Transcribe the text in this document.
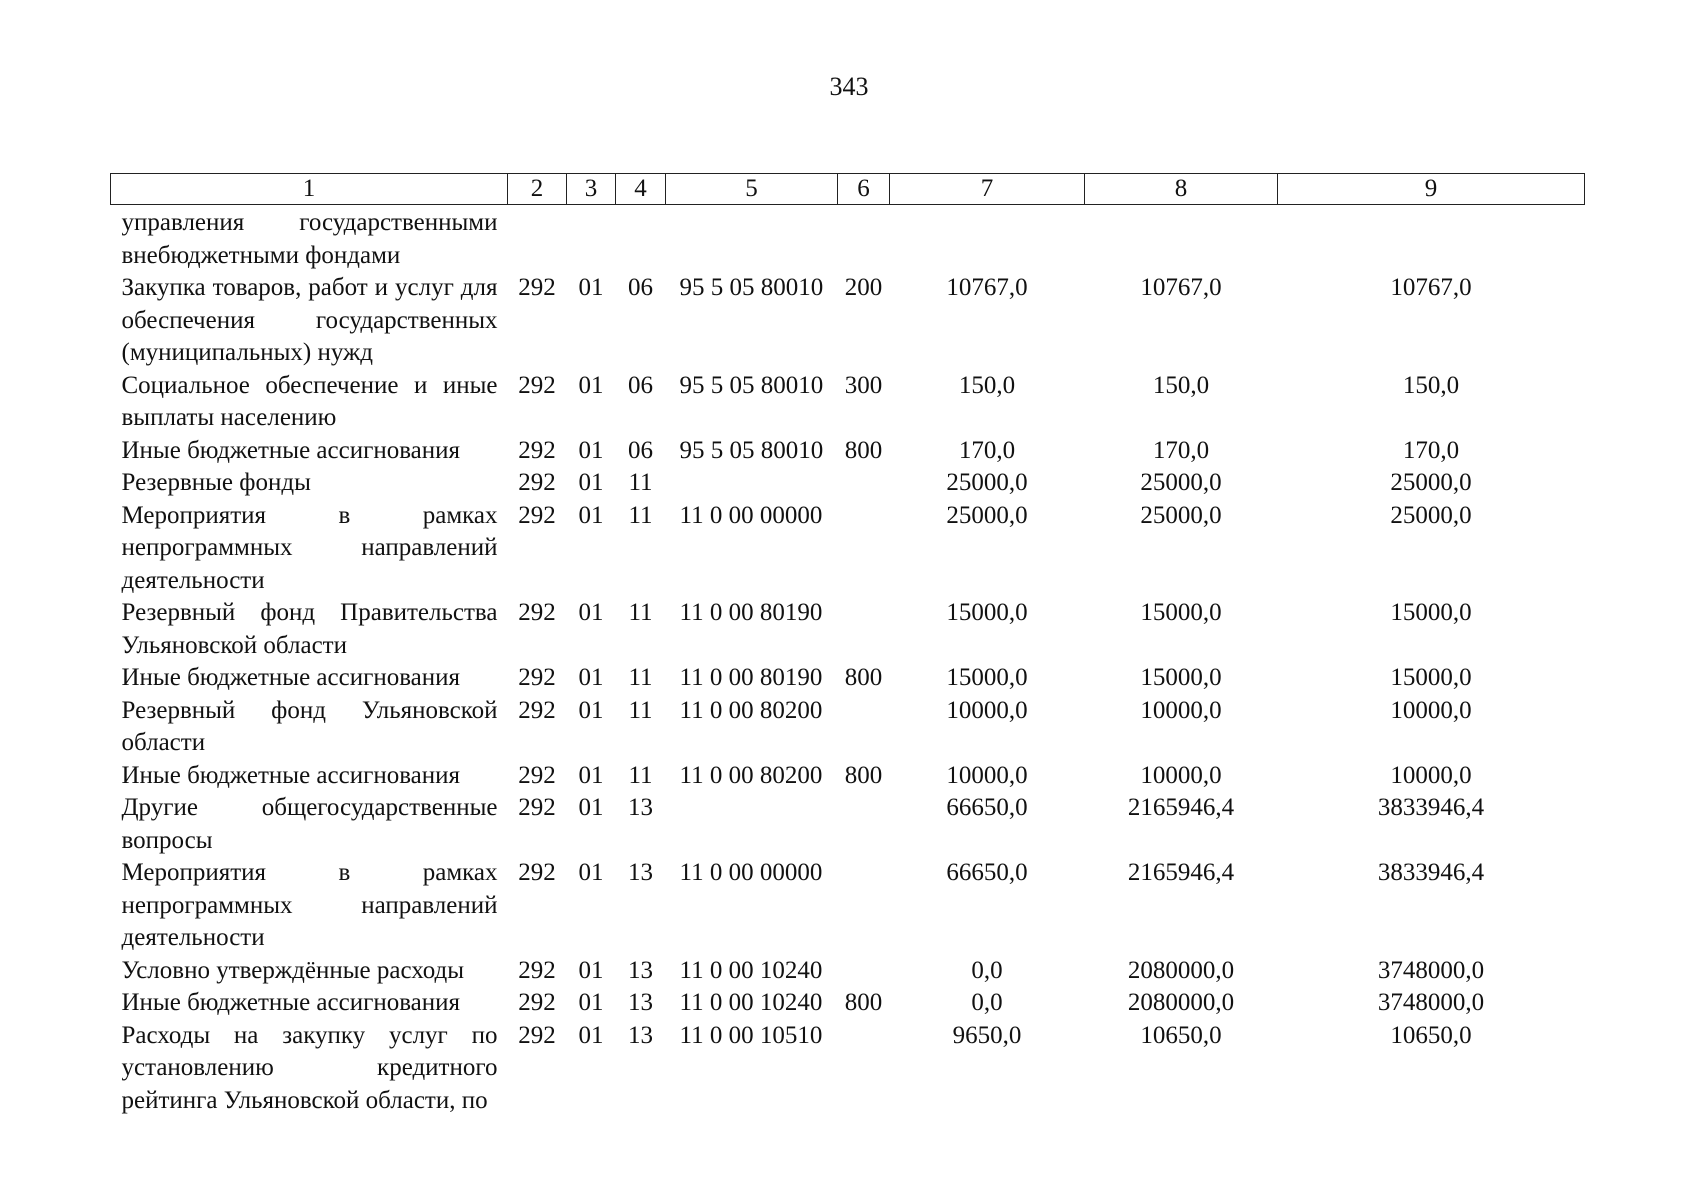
343
1	2	3	4	5	6	7	8	9
управления государственными внебюджетными фондами								
Закупка товаров, работ и услуг для обеспечения государственных (муниципальных) нужд	292	01	06	95 5 05 80010	200	10767,0	10767,0	10767,0
Социальное обеспечение и иные выплаты населению	292	01	06	95 5 05 80010	300	150,0	150,0	150,0
Иные бюджетные ассигнования	292	01	06	95 5 05 80010	800	170,0	170,0	170,0
Резервные фонды	292	01	11			25000,0	25000,0	25000,0
Мероприятия в рамках непрограммных направлений деятельности	292	01	11	11 0 00 00000		25000,0	25000,0	25000,0
Резервный фонд Правительства Ульяновской области	292	01	11	11 0 00 80190		15000,0	15000,0	15000,0
Иные бюджетные ассигнования	292	01	11	11 0 00 80190	800	15000,0	15000,0	15000,0
Резервный фонд Ульяновской области	292	01	11	11 0 00 80200		10000,0	10000,0	10000,0
Иные бюджетные ассигнования	292	01	11	11 0 00 80200	800	10000,0	10000,0	10000,0
Другие общегосударственные вопросы	292	01	13			66650,0	2165946,4	3833946,4
Мероприятия в рамках непрограммных направлений деятельности	292	01	13	11 0 00 00000		66650,0	2165946,4	3833946,4
Условно утверждённые расходы	292	01	13	11 0 00 10240		0,0	2080000,0	3748000,0
Иные бюджетные ассигнования	292	01	13	11 0 00 10240	800	0,0	2080000,0	3748000,0
Расходы на закупку услуг по установлению кредитного рейтинга Ульяновской области, по	292	01	13	11 0 00 10510		9650,0	10650,0	10650,0
